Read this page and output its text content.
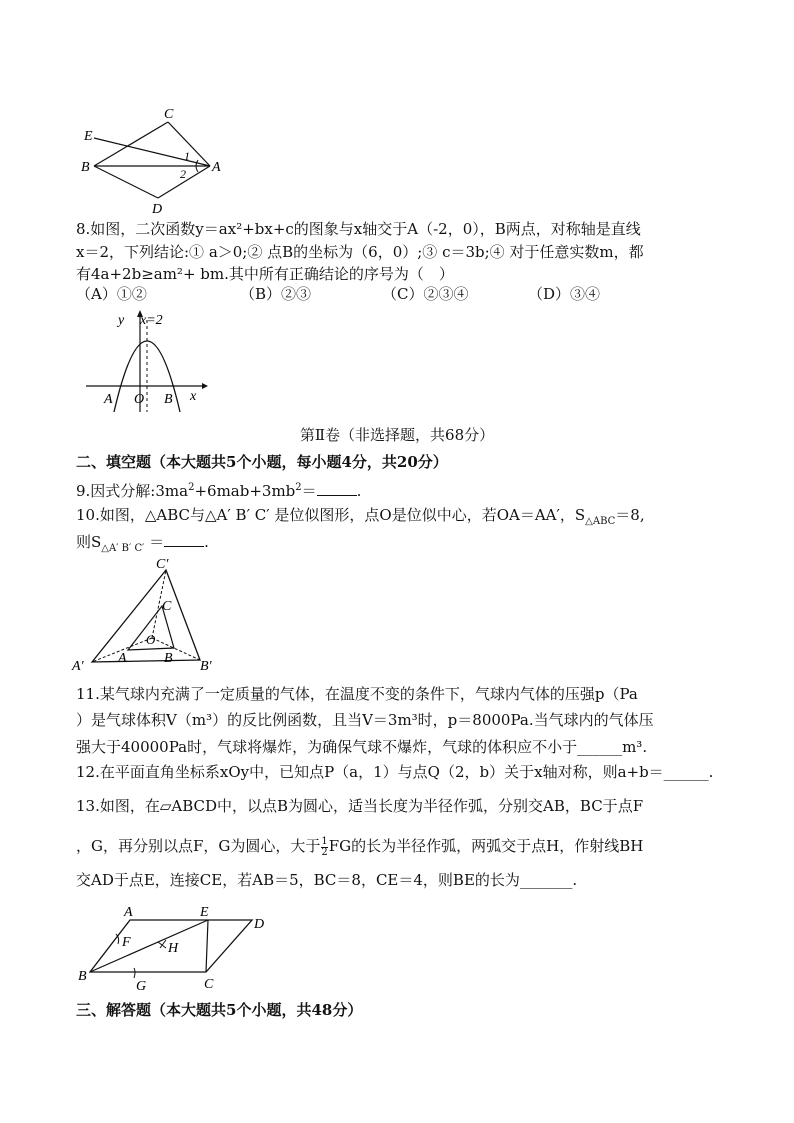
C
E
B	A
D
1
2
8.如图，二次函数y＝ax²+bx+c的图象与x轴交于A（-2，0），B两点，对称轴是直线
x＝2，下列结论:① a＞0;② 点B的坐标为（6，0）;③ c＝3b;④ 对于任意实数m，都
有4a+2b≥am²+ bm.其中所有正确结论的序号为（　）
（A）①②	（B）②③	（C）②③④	（D）③④
y x=2
A O B x
第Ⅱ卷（非选择题，共68分）
二、填空题（本大题共5个小题，每小题4分，共20分）
9.因式分解$:3ma^2+6mab+3mb^2=$	.
10.如图，△ABC与△A′ B′ C′ 是位似图形，点O是位似中心，若OA＝AA′，$S_{\triangle ABC}=8$,
则$S_{\triangle A' B' C'}$ ＝	.
C′
C
O
A′
A	B
B′
11.某气球内充满了一定质量的气体，在温度不变的条件下，气球内气体的压强p（Pa
）是气球体积V（m³）的反比例函数，且当V＝3m³时，p＝8000Pa.当气球内的气体压
强大于40000Pa时，气球将爆炸，为确保气球不爆炸，气球的体积应不小于______m³.
12.在平面直角坐标系xOy中，已知点P（a，1）与点Q（2，b）关于x轴对称，则a+b＝______.
13.如图，在▱ABCD中，以点B为圆心，适当长度为半径作弧，分别交AB，BC于点F
，G，再分别以点F，G为圆心，大于 $\frac{1}{2}$ FG的长为半径作弧，两弧交于点H，作射线BH
交AD于点E，连接CE，若AB＝5，BC＝8，CE＝4，则BE的长为_______.
A	E
D
F	H
B
G	C
三、解答题（本大题共5个小题，共48分）
